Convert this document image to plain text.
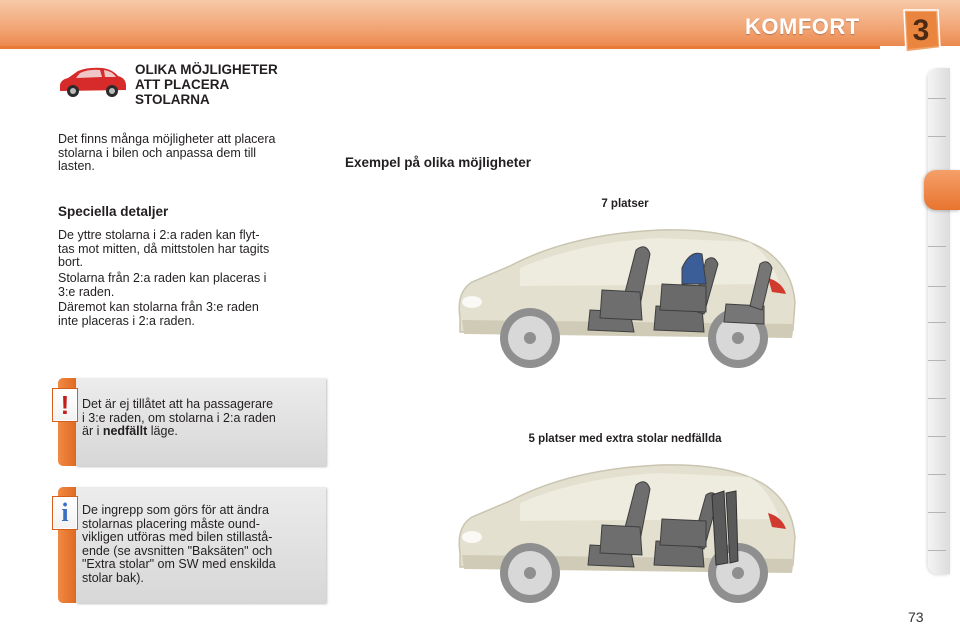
KOMFORT	3
OLIKA MÖJLIGHETER
ATT PLACERA
STOLARNA
Det finns många möjligheter att placera
stolarna i bilen och anpassa dem till
lasten.
Speciella detaljer
De yttre stolarna i 2:a raden kan flyt-
tas mot mitten, då mittstolen har tagits
bort.
Stolarna från 2:a raden kan placeras i
3:e raden.
Däremot kan stolarna från 3:e raden
inte placeras i 2:a raden.
!	Det är ej tillåtet att ha passagerare
i 3:e raden, om stolarna i 2:a raden
är i nedfällt läge.
i	De ingrepp som görs för att ändra
stolarnas placering måste ound-
vikligen utföras med bilen stillastå-
ende (se avsnitten "Baksäten" och
"Extra stolar" om SW med enskilda
stolar bak).
Exempel på olika möjligheter
7 platser
5 platser med extra stolar nedfällda
73
